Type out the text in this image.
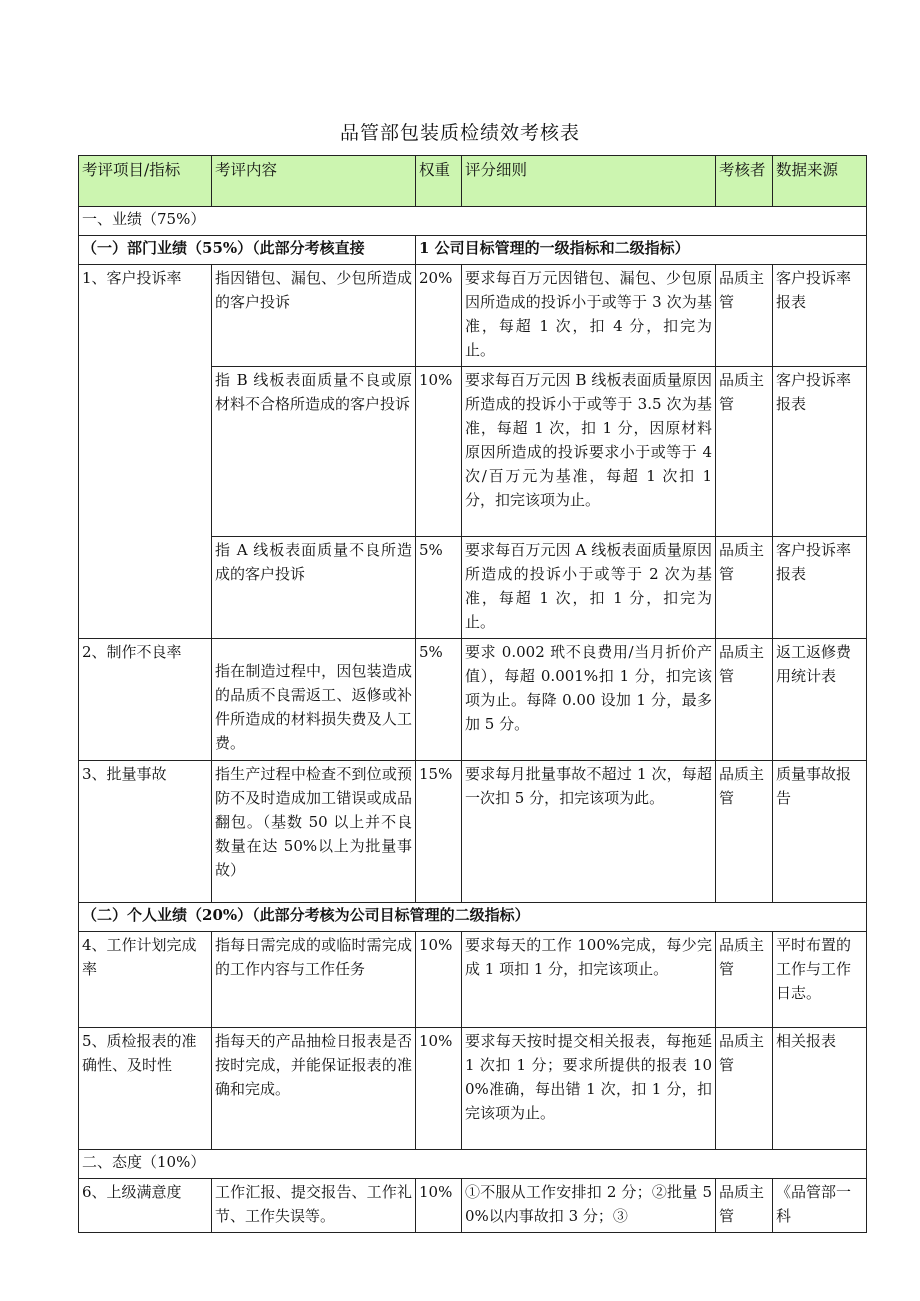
品管部包装质检绩效考核表
考评项目/指标	考评内容	权重	评分细则	考核者	数据来源
一、业绩（75%）					
（一）部门业绩（55%）（此部分考核直接		1 公司目标管理的一级指标和二级指标）			
1、客户投诉率	指因错包、漏包、少包所造成的客户投诉	20%	要求每百万元因错包、漏包、少包原因所造成的投诉小于或等于 3 次为基准，每超 1 次，扣 4 分，扣完为止。	品质主管	客户投诉率报表
	指 B 线板表面质量不良或原材料不合格所造成的客户投诉	10%	要求每百万元因 B 线板表面质量原因所造成的投诉小于或等于 3.5 次为基准，每超 1 次，扣 1 分，因原材料原因所造成的投诉要求小于或等于 4 次/百万元为基准，每超 1 次扣 1 分，扣完该项为止。	品质主管	客户投诉率报表
	指 A 线板表面质量不良所造成的客户投诉	5%	要求每百万元因 A 线板表面质量原因所造成的投诉小于或等于 2 次为基准，每超 1 次，扣 1 分，扣完为止。	品质主管	客户投诉率报表
2、制作不良率	指在制造过程中，因包装造成的品质不良需返工、返修或补件所造成的材料损失费及人工费。	5%	要求 0.002 玳不良费用/当月折价产值），每超 0.001%扣 1 分，扣完该项为止。每降 0.00 设加 1 分，最多加 5 分。	品质主管	返工返修费用统计表
3、批量事故	指生产过程中检查不到位或预防不及时造成加工错误或成品翻包。（基数 50 以上并不良数量在达 50%以上为批量事故）	15%	要求每月批量事故不超过 1 次，每超一次扣 5 分，扣完该项为此。	品质主管	质量事故报告
（二）个人业绩（20%）（此部分考核为公司目标管理的二级指标）					
4、工作计划完成率	指每日需完成的或临时需完成的工作内容与工作任务	10%	要求每天的工作 100%完成，每少完成 1 项扣 1 分，扣完该项止。	品质主管	平时布置的工作与工作日志。
5、质检报表的准确性、及时性	指每天的产品抽检日报表是否按时完成，并能保证报表的准确和完成。	10%	要求每天按时提交相关报表，每拖延 1 次扣 1 分；要求所提供的报表 100%准确，每出错 1 次，扣 1 分，扣完该项为止。	品质主管	相关报表
二、态度（10%）					
6、上级满意度	工作汇报、提交报告、工作礼节、工作失误等。	10%	①不服从工作安排扣 2 分；②批量 50%以内事故扣 3 分；③	品质主管	《品管部一科
